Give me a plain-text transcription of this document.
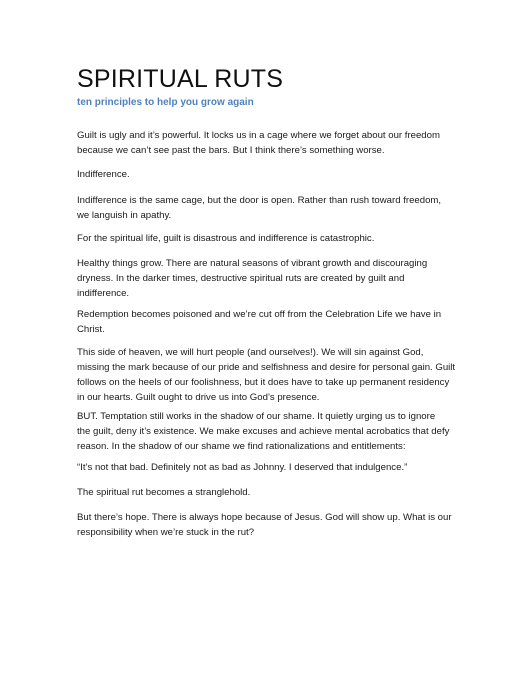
SPIRITUAL RUTS
ten principles to help you grow again

Guilt is ugly and it’s powerful. It locks us in a cage where we forget about our freedom
because we can’t see past the bars. But I think there’s something worse.

Indifference.

Indifference is the same cage, but the door is open. Rather than rush toward freedom,
we languish in apathy.

For the spiritual life, guilt is disastrous and indifference is catastrophic.

Healthy things grow. There are natural seasons of vibrant growth and discouraging
dryness. In the darker times, destructive spiritual ruts are created by guilt and
indifference.

Redemption becomes poisoned and we’re cut off from the Celebration Life we have in
Christ.

This side of heaven, we will hurt people (and ourselves!). We will sin against God,
missing the mark because of our pride and selfishness and desire for personal gain. Guilt
follows on the heels of our foolishness, but it does have to take up permanent residency
in our hearts. Guilt ought to drive us into God’s presence.

BUT. Temptation still works in the shadow of our shame. It quietly urging us to ignore
the guilt, deny it’s existence. We make excuses and achieve mental acrobatics that defy
reason. In the shadow of our shame we find rationalizations and entitlements:

“It’s not that bad. Definitely not as bad as Johnny. I deserved that indulgence.”

The spiritual rut becomes a stranglehold.

But there’s hope. There is always hope because of Jesus. God will show up. What is our
responsibility when we’re stuck in the rut?
